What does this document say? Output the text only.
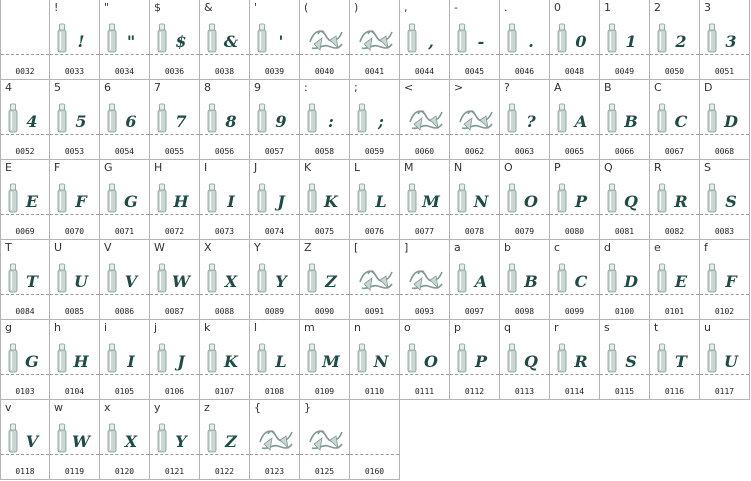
0032
!
0033
!
"
0034
"
$
0036
$
&
0038
&
'
0039
'
(
0040
)
0041
,
0044
,
-
0045
-
.
0046
.
0
0048
0
1
0049
1
2
0050
2
3
0051
3
4
0052
4
5
0053
5
6
0054
6
7
0055
7
8
0056
8
9
0057
9
:
0058
:
;
0059
;
<
0060
>
0062
?
0063
?
A
0065
A
B
0066
B
C
0067
C
D
0068
D
E
0069
E
F
0070
F
G
0071
G
H
0072
H
I
0073
I
J
0074
J
K
0075
K
L
0076
L
M
0077
M
N
0078
N
O
0079
O
P
0080
P
Q
0081
Q
R
0082
R
S
0083
S
T
0084
T
U
0085
U
V
0086
V
W
0087
W
X
0088
X
Y
0089
Y
Z
0090
Z
[
0091
]
0093
a
0097
A
b
0098
B
c
0099
C
d
0100
D
e
0101
E
f
0102
F
g
0103
G
h
0104
H
i
0105
I
j
0106
J
k
0107
K
l
0108
L
m
0109
M
n
0110
N
o
0111
O
p
0112
P
q
0113
Q
r
0114
R
s
0115
S
t
0116
T
u
0117
U
v
0118
V
w
0119
W
x
0120
X
y
0121
Y
z
0122
Z
{
0123
}
0125	0160
